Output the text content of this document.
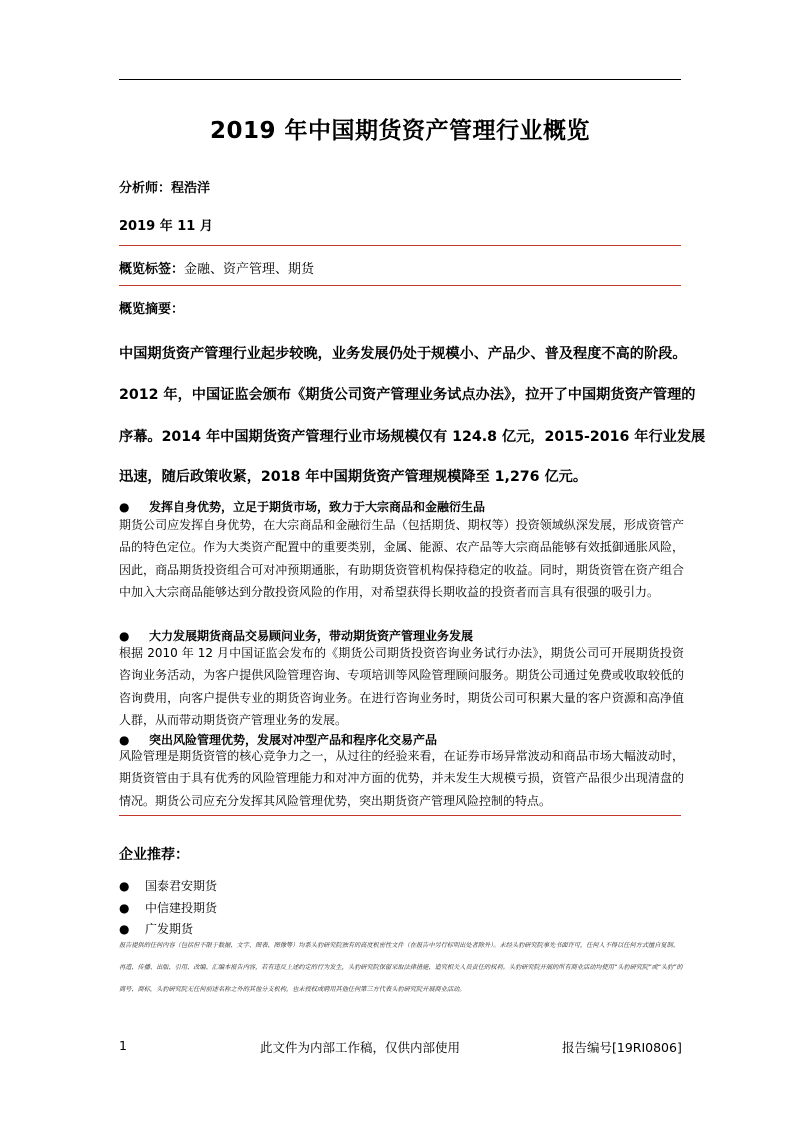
2019 年中国期货资产管理行业概览
分析师：程浩洋
2019 年 11 月
概览标签：金融、资产管理、期货
概览摘要：
中国期货资产管理行业起步较晚，业务发展仍处于规模小、产品少、普及程度不高的阶段。
2012 年，中国证监会颁布《期货公司资产管理业务试点办法》，拉开了中国期货资产管理的
序幕。2014 年中国期货资产管理行业市场规模仅有 124.8 亿元，2015-2016 年行业发展
迅速，随后政策收紧，2018 年中国期货资产管理规模降至 1,276 亿元。
● 发挥自身优势，立足于期货市场，致力于大宗商品和金融衍生品
期货公司应发挥自身优势，在大宗商品和金融衍生品（包括期货、期权等）投资领域纵深发展，形成资管产品的特色定位。作为大类资产配置中的重要类别，金属、能源、农产品等大宗商品能够有效抵御通胀风险，因此，商品期货投资组合可对冲预期通胀，有助期货资管机构保持稳定的收益。同时，期货资管在资产组合中加入大宗商品能够达到分散投资风险的作用，对希望获得长期收益的投资者而言具有很强的吸引力。
● 大力发展期货商品交易顾问业务，带动期货资产管理业务发展
根据 2010 年 12 月中国证监会发布的《期货公司期货投资咨询业务试行办法》，期货公司可开展期货投资咨询业务活动，为客户提供风险管理咨询、专项培训等风险管理顾问服务。期货公司通过免费或收取较低的咨询费用，向客户提供专业的期货咨询业务。在进行咨询业务时，期货公司可积累大量的客户资源和高净值人群，从而带动期货资产管理业务的发展。
● 突出风险管理优势，发展对冲型产品和程序化交易产品
风险管理是期货资管的核心竞争力之一，从过往的经验来看，在证券市场异常波动和商品市场大幅波动时，期货资管由于具有优秀的风险管理能力和对冲方面的优势，并未发生大规模亏损，资管产品很少出现清盘的情况。期货公司应充分发挥其风险管理优势，突出期货资产管理风险控制的特点。
企业推荐：
● 国泰君安期货
● 中信建投期货
● 广发期货
报告提供的任何内容（包括但不限于数据、文字、图表、图像等）均系头豹研究院独有的高度机密性文件（在报告中另行标明出处者除外）。未经头豹研究院事先书面许可，任何人不得以任何方式擅自复制、再造、传播、出版、引用、改编、汇编本报告内容，若有违反上述约定的行为发生，头豹研究院保留采取法律措施、追究相关人员责任的权利。头豹研究院开展的所有商业活动均使用“头豹研究院”或“头豹”的商号、商标，头豹研究院无任何前述名称之外的其他分支机构，也未授权或聘用其他任何第三方代表头豹研究院开展商业活动。
1	此文件为内部工作稿，仅供内部使用	报告编号[19RI0806]
